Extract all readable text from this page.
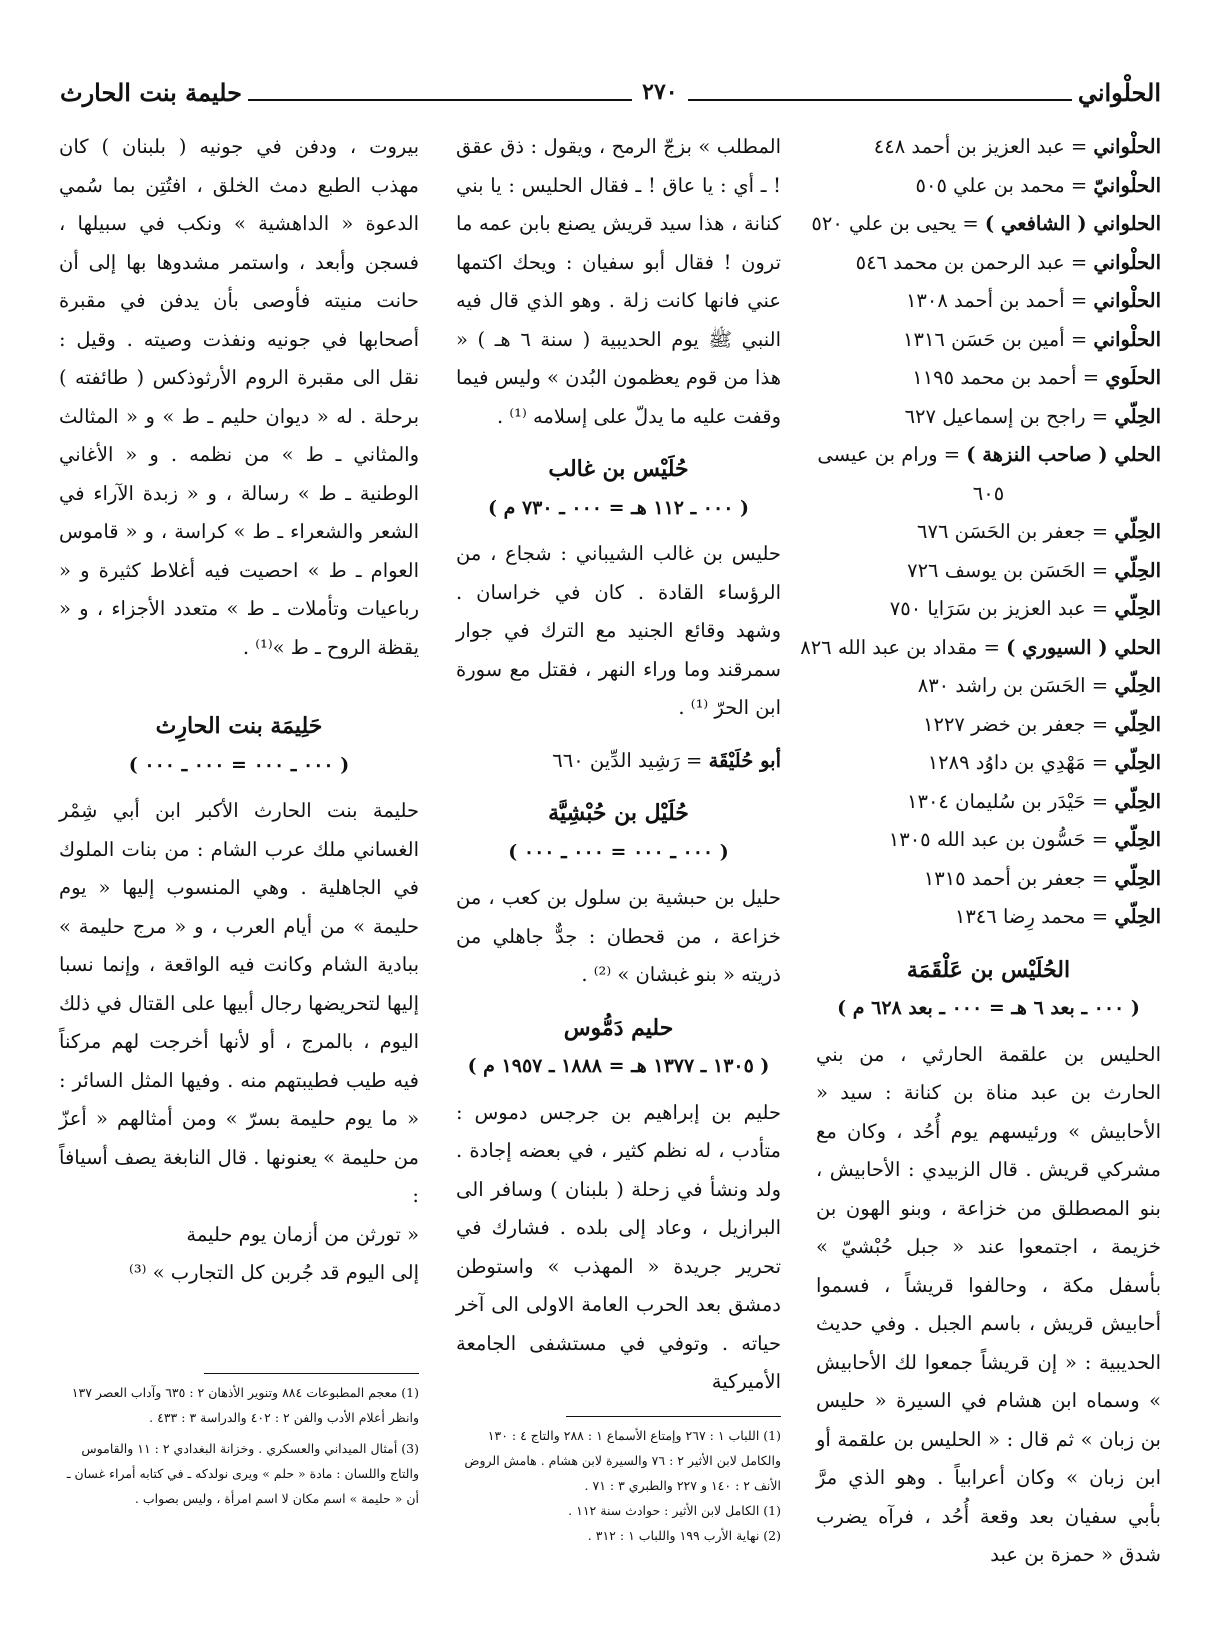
الحلْواني
٢٧٠
حليمة بنت الحارث
الحلْواني = عبد العزيز بن أحمد ٤٤٨
الحلْوانيّ = محمد بن علي ٥٠٥
الحلواني ( الشافعي ) = يحيى بن علي ٥٢٠
الحلْواني = عبد الرحمن بن محمد ٥٤٦
الحلْواني = أحمد بن أحمد ١٣٠٨
الحلْواني = أمين بن حَسَن ١٣١٦
الحلَوي = أحمد بن محمد ١١٩٥
الحِلّي = راجح بن إسماعيل ٦٢٧
الحلي ( صاحب النزهة ) = ورام بن عيسى
٦٠٥
الحِلّي = جعفر بن الحَسَن ٦٧٦
الحِلّي = الحَسَن بن يوسف ٧٢٦
الحِلّي = عبد العزيز بن سَرَايا ٧٥٠
الحلي ( السيوري ) = مقداد بن عبد الله ٨٢٦
الحِلّي = الحَسَن بن راشد ٨٣٠
الحِلّي = جعفر بن خضر ١٢٢٧
الحِلّي = مَهْدِي بن داوُد ١٢٨٩
الحِلّي = حَيْدَر بن سُليمان ١٣٠٤
الحِلّي = حَسُّون بن عبد الله ١٣٠٥
الحِلّي = جعفر بن أحمد ١٣١٥
الحِلّي = محمد رِضا ١٣٤٦

الحُلَيْس بن عَلْقَمَة

( ٠٠٠ ـ بعد ٦ هـ = ٠٠٠ ـ بعد ٦٢٨ م )

الحليس بن علقمة الحارثي ، من بني الحارث بن عبد مناة بن كنانة : سيد « الأحابيش » ورئيسهم يوم أُحُد ، وكان مع مشركي قريش . قال الزبيدي : الأحابيش ، بنو المصطلق من خزاعة ، وبنو الهون بن خزيمة ، اجتمعوا عند « جبل حُبْشيّ » بأسفل مكة ، وحالفوا قريشاً ، فسموا أحابيش قريش ، باسم الجبل . وفي حديث الحديبية : « إن قريشاً جمعوا لك الأحابيش » وسماه ابن هشام في السيرة « حليس بن زبان » ثم قال : « الحليس بن علقمة أو ابن زبان » وكان أعرابياً . وهو الذي مرَّ بأبي سفيان بعد وقعة أُحُد ، فرآه يضرب شدق « حمزة بن عبد

المطلب » بزجّ الرمح ، ويقول : ذق عقق ! ـ أي : يا عاق ! ـ فقال الحليس : يا بني كنانة ، هذا سيد قريش يصنع بابن عمه ما ترون ! فقال أبو سفيان : ويحك اكتمها عني فانها كانت زلة . وهو الذي قال فيه النبي ﷺ يوم الحديبية ( سنة ٦ هـ ) « هذا من قوم يعظمون البُدن » وليس فيما وقفت عليه ما يدلّ على إسلامه ⁽¹⁾ .

حُلَيْس بن غالب

( ٠٠٠ ـ ١١٢ هـ = ٠٠٠ ـ ٧٣٠ م )

حليس بن غالب الشيباني : شجاع ، من الرؤساء القادة . كان في خراسان . وشهد وقائع الجنيد مع الترك في جوار سمرقند وما وراء النهر ، فقتل مع سورة ابن الحرّ ⁽¹⁾ .

أبو حُلَيْقَة = رَشِيد الدِّين ٦٦٠

حُلَيْل بن حُبْشِيَّة

( ٠٠٠ ـ ٠٠٠ = ٠٠٠ ـ ٠٠٠ )

حليل بن حبشية بن سلول بن كعب ، من خزاعة ، من قحطان : جدٌّ جاهلي من ذريته « بنو غبشان » ⁽²⁾ .

حليم دَمُّوس

( ١٣٠٥ ـ ١٣٧٧ هـ = ١٨٨٨ ـ ١٩٥٧ م )

حليم بن إبراهيم بن جرجس دموس : متأدب ، له نظم كثير ، في بعضه إجادة . ولد ونشأ في زحلة ( بلبنان ) وسافر الى البرازيل ، وعاد إلى بلده . فشارك في تحرير جريدة « المهذب » واستوطن دمشق بعد الحرب العامة الاولى الى آخر حياته . وتوفي في مستشفى الجامعة الأميركية

(1) اللباب ١ : ٢٦٧ وإمتاع الأسماع ١ : ٢٨٨ والتاج ٤ : ١٣٠ والكامل لابن الأثير ٢ : ٧٦ والسيرة لابن هشام . هامش الروض الأنف ٢ : ١٤٠ و ٢٢٧ والطبري ٣ : ٧١ .

(1) الكامل لابن الأثير : حوادث سنة ١١٢ .

(2) نهاية الأرب ١٩٩ واللباب ١ : ٣١٢ .

بيروت ، ودفن في جونيه ( بلبنان ) كان مهذب الطبع دمث الخلق ، افتُتِن بما سُمي الدعوة « الداهشية » ونكب في سبيلها ، فسجن وأبعد ، واستمر مشدوها بها إلى أن حانت منيته فأوصى بأن يدفن في مقبرة أصحابها في جونيه ونفذت وصيته . وقيل : نقل الى مقبرة الروم الأرثوذكس ( طائفته ) برحلة . له « ديوان حليم ـ ط » و « المثالث والمثاني ـ ط » من نظمه . و « الأغاني الوطنية ـ ط » رسالة ، و « زبدة الآراء في الشعر والشعراء ـ ط » كراسة ، و « قاموس العوام ـ ط » احصيت فيه أغلاط كثيرة و « رباعيات وتأملات ـ ط » متعدد الأجزاء ، و « يقظة الروح ـ ط »⁽¹⁾ .

حَلِيمَة بنت الحارِث

( ٠٠٠ ـ ٠٠٠ = ٠٠٠ ـ ٠٠٠ )

حليمة بنت الحارث الأكبر ابن أبي شِمْر الغساني ملك عرب الشام : من بنات الملوك في الجاهلية . وهي المنسوب إليها « يوم حليمة » من أيام العرب ، و « مرج حليمة » ببادية الشام وكانت فيه الواقعة ، وإنما نسبا إليها لتحريضها رجال أبيها على القتال في ذلك اليوم ، بالمرج ، أو لأنها أخرجت لهم مركناً فيه طيب فطيبتهم منه . وفيها المثل السائر : « ما يوم حليمة بسرّ » ومن أمثالهم « أعزّ من حليمة » يعنونها . قال النابغة يصف أسيافاً :

« تورثن من أزمان يوم حليمة

إلى اليوم قد جُربن كل التجارب » ⁽³⁾

(1) معجم المطبوعات ٨٨٤ وتنوير الأذهان ٢ : ٦٣٥ وآداب العصر ١٣٧ وانظر أعلام الأدب والفن ٢ : ٤٠٢ والدراسة ٣ : ٤٣٣ .

(3) أمثال الميداني والعسكري . وخزانة البغدادي ٢ : ١١ والقاموس والتاج واللسان : مادة « حلم » ويرى نولدكه ـ في كتابه أمراء غسان ـ أن « حليمة » اسم مكان لا اسم امرأة ، وليس بصواب .
